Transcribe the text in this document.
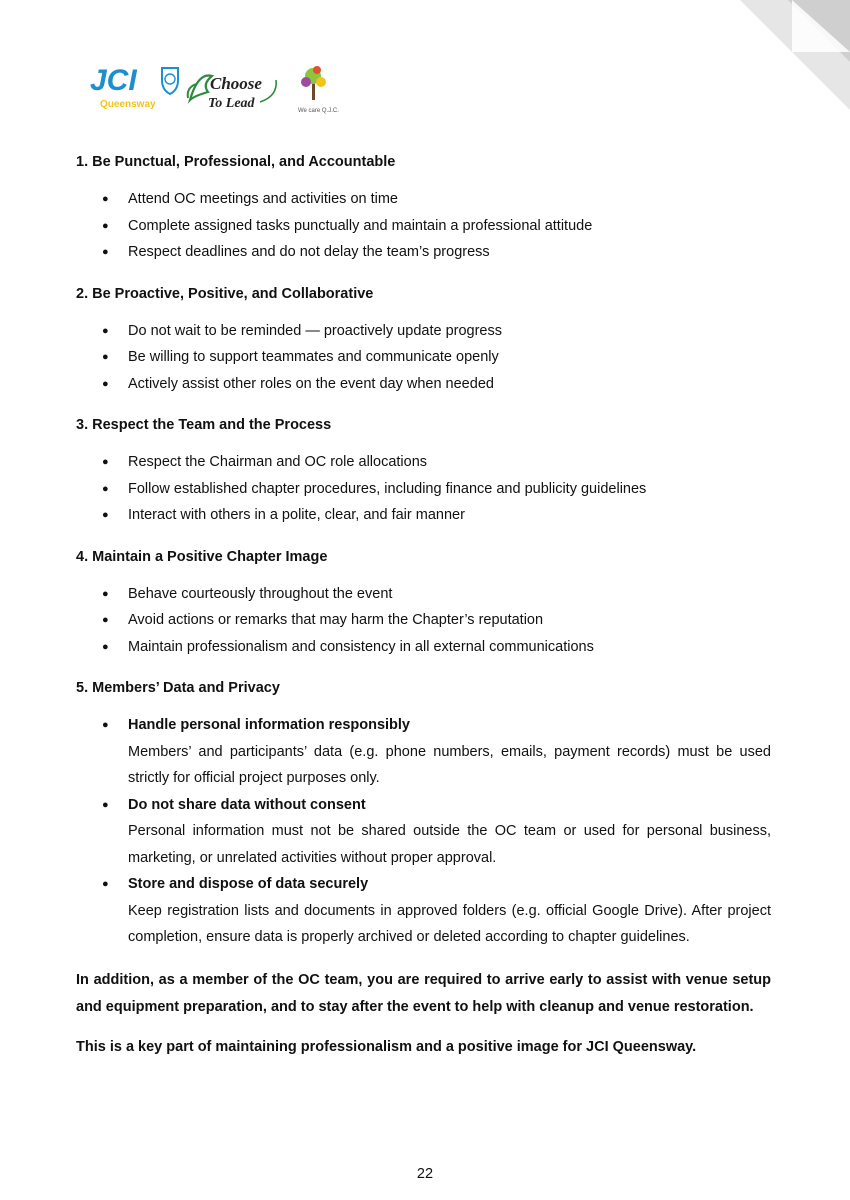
JCI
Queensway
Choose
To Lead	We care Q.J.C.
1. Be Punctual, Professional, and Accountable
● Attend OC meetings and activities on time
● Complete assigned tasks punctually and maintain a professional attitude
● Respect deadlines and do not delay the team’s progress
2. Be Proactive, Positive, and Collaborative
● Do not wait to be reminded — proactively update progress
● Be willing to support teammates and communicate openly
● Actively assist other roles on the event day when needed
3. Respect the Team and the Process
● Respect the Chairman and OC role allocations
● Follow established chapter procedures, including finance and publicity guidelines
● Interact with others in a polite, clear, and fair manner
4. Maintain a Positive Chapter Image
● Behave courteously throughout the event
● Avoid actions or remarks that may harm the Chapter’s reputation
● Maintain professionalism and consistency in all external communications
5. Members’ Data and Privacy
● Handle personal information responsibly
Members’ and participants’ data (e.g. phone numbers, emails, payment records) must be used strictly for official project purposes only.
● Do not share data without consent
Personal information must not be shared outside the OC team or used for personal business, marketing, or unrelated activities without proper approval.
● Store and dispose of data securely
Keep registration lists and documents in approved folders (e.g. official Google Drive). After project completion, ensure data is properly archived or deleted according to chapter guidelines.

In addition, as a member of the OC team, you are required to arrive early to assist with venue setup and equipment preparation, and to stay after the event to help with cleanup and venue restoration.

This is a key part of maintaining professionalism and a positive image for JCI Queensway.

22
